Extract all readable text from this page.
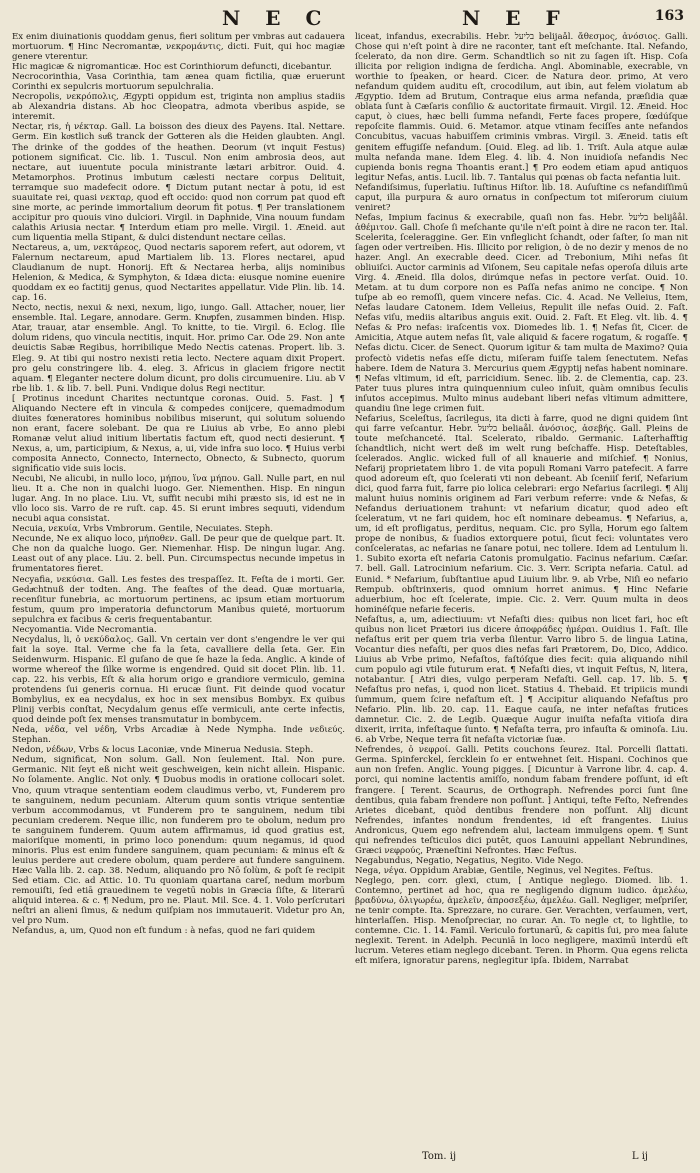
N E C	N E F	163

Ex enim diuinationis quoddam genus, fieri solitum per vmbras aut cadauera mortuorum. ¶ Hinc Necromantæ, νεκρομάντις, dicti. Fuit, qui hoc magiæ genere vterentur.

Hic magicæ & nigromanticæ. Hoc est Corinthiorum defuncti, dicebantur.

Necrocorinthia, Vasa Corinthia, tam ænea quam fictilia, quæ eruerunt Corinthi ex sepulcris mortuorum sepulchralia.

Necropolis, νεκρόπολις, Ægypti oppidum est, triginta non amplius stadiis ab Alexandria distans. Ab hoc Cleopatra, admota vberibus aspide, se interemit.

Nectar, ris, ἡ νέκταρ. Gall. La boisson des dieux des Payens. Ital. Nettare. Germ. Ein koͤstlich suͤß tranck der Goͤtteren als die Heiden glaubten. Angl. The drinke of the goddes of the heathen. Deorum (vt inquit Festus) potionem significat. Cic. lib. 1. Tuscul. Non enim ambrosia deos, aut nectare, aut iuuentute pocula ministrante lætari arbitror. Ouid. 4. Metamorphos. Protinus imbutum cælesti nectare corpus Delituit, terramque suo madefecit odore. ¶ Dictum putant nectar à potu, id est suauitate rei, quasi νεκταρ, quod eft occido: quod non corrum pat quod eft sine morte, ac perinde immortalium deorum fit potus. ¶ Per translationem accipitur pro quouis vino dulciori. Virgil. in Daphnide, Vina nouum fundam calathis Ariusia nectar. ¶ Interdum etiam pro melle. Virgil. 1. Æneid. aut cum liquentia mella Stipant, & dulci distendunt nectare cellas.

Nectareus, a, um, νεκτάρεος, Quod nectaris saporem refert, aut odorem, vt Falernum nectareum, apud Martialem lib. 13. Flores nectarei, apud Claudianum de nupt. Honorij. Eft & Nectarea herba, alijs nominibus Helenion, & Medica, & Symphyton, & Idæa dicta: eiusque nomine euenire quoddam ex eo factitij genus, quod Nectarites appellatur. Vide Plin. lib. 14. cap. 16.

Necto, nectis, nexui & nexi, nexum, ligo, iungo. Gall. Attacher, nouer, lier ensemble. Ital. Legare, annodare. Germ. Knuͤpfen, zusammen binden. Hisp. Atar, trauar, atar ensemble. Angl. To knitte, to tie. Virgil. 6. Eclog. Ille dolum ridens, quo vincula nectitis, inquit. Hor. primo Car. Ode 29. Non ante deuictis Sabæ Regibus, horribilique Medo Nectis catenas. Propert. lib. 3. Eleg. 9. At tibi qui nostro nexisti retia lecto. Nectere aquam dixit Propert. pro gelu constringere lib. 4. eleg. 3. Africus in glaciem frigore nectit aquam. ¶ Eleganter nectere dolum dicunt, pro dolis circumuenire. Liu. ab V rbe lib. 1. & lib. 7. bell. Puni. Vndique dolus Regi nectitur.

[ Protinus incedunt Charites nectuntque coronas. Ouid. 5. Fast. ] ¶ Aliquando Nectere eft in vincula & compedes conijcere, quemadmodum diuites fœneratores hominibus nobilibus miserunt, qui solutum soluendo non erant, facere solebant. De qua re Liuius ab vrbe, Eo anno plebi Romanæ velut aliud initium libertatis factum eft, quod necti desierunt. ¶ Nexus, a, um, participium, & Nexus, a, ui, vide infra suo loco. ¶ Huius verbi composita Annecto, Connecto, Internecto, Obnecto, & Subnecto, quorum significatio vide suis locis.

Necubi, Ne alicubi, in nullo loco, μήπου, ἵνα μήπου. Gall. Nulle part, en nul lieu. It a. Che non in qualchi luogo. Ger. Niementhen. Hisp. En ningun lugar. Ang. In no place. Liu. Vt, suffit necubi mihi præsto sis, id est ne in vllo loco sis. Varro de re ruſt. cap. 45. Si erunt imbres sequuti, videndum necubi aqua consistat.

Necuia, νεκυία, Vrbs Vmbrorum. Gentile, Necuiates. Steph.

Necunde, Ne ex aliquo loco, μήποθεν. Gall. De peur que de quelque part. It. Che non da qualche luogo. Ger. Niemenhar. Hisp. De ningun lugar. Ang. Least out of any place. Liu. 2. bell. Pun. Circumspectus necunde impetus in frumentatores fieret.

Necyafia, νεκύσια. Gall. Les festes des trespaſſez. It. Feſta de i morti. Ger. Gedaͤchtnuß der todten. Ang. The feaſtes of the dead. Quæ mortuaria, recenſitur funebria, ac mortuorum pertinens, ac ipsum etiam mortuorum festum, quum pro imperatoria defunctorum Manibus quieté, mortuorum sepulchra ex facibus & ceris frequentabantur.

Necyomantia. Vide Necromantia.

Necydalus, li, ὁ νεκύδαλος. Gall. Vn certain ver dont s'engendre le ver qui fait la soye. Ital. Verme che fa la ſeta, cavalliere della ſeta. Ger. Ein Seidenwurm. Hispanic. El guſano de que ſe haze la ſeda. Anglic. A kinde of worme whereof the ſilke worme is engendred. Quid sit docet Plin. lib. 11. cap. 22. his verbis, Eſt & alia horum origo e grandiore vermiculo, gemina protendens ſui generis cornua. Hi erucæ ſiunt. Fit deinde quod vocatur Bombylius, ex ea necydalus, ex hoc in sex mensibus Bombyx. Ex quibus Plinij verbis conſtat, Necydalum genus eſſe vermiculi, ante certe infectis, quod deinde poſt ſex menses transmutatur in bombycem.

Neda, νέδα, vel νέδη, Vrbs Arcadiæ à Nede Nympha. Inde νεδιεύς. Stephan.

Nedon, νέδων, Vrbs & locus Laconiæ, vnde Minerua Nedusia. Steph.

Nedum, significat, Non solum. Gall. Non ſeulement. Ital. Non pure. Germanic. Nit ſeyt eß nicht weit geschweigen, kein nicht allein. Hispanic. No ſolamente. Anglic. Not only. ¶ Duobus modis in oratione collocari solet. Vno, quum vtraque sententiam eodem claudimus verbo, vt, Funderem pro te sanguinem, nedum pecuniam. Alterum quum sontis vtrique sententiæ verbum accommodamus, vt Funderem pro te sanguinem, nedum tibi pecuniam crederem. Neque illic, non funderem pro te obolum, nedum pro te sanguinem funderem. Quum autem affirmamus, id quod gratius est, maioriſque momenti, in primo loco ponendum: quum negamus, id quod minoris. Plus est enim fundere sanguinem, quam pecuniam: & minus eſt & leuius perdere aut credere obolum, quam perdere aut fundere sanguinem. Hæc Valla lib. 2. cap. 38. Nedum, aliquando pro Nō ſolùm, & poſt ſe recipit Sed etiam. Cic. ad Attic. 10. Tu quoniam quartana careſ, nedum morbum remouiſti, ſed etiā grauedinem te vegetū nobis in Græcia ſiſte, & literarū aliquid interea. & c. ¶ Nedum, pro ne. Plaut. Mil. Sce. 4. 1. Volo perſcrutari neſtri an alieni ſimus, & nedum quiſpiam nos immutauerit. Videtur pro An, vel pro Num.

Nefandus, a, um, Quod non eſt fundum : à nefas, quod ne fari quidem

liceat, infandus, execrabilis. Hebr. בליעל belijaål. ἄθεσμος, ἀνόσιος. Galli. Chose qui n'eſt point à dire ne raconter, tant eſt meſchante. Ital. Nefando, ſcelerato, da non dire. Germ. Schandtlich so nit zu ſagen iſt. Hisp. Coſa illicita por religion indigna de ſerdicha. Angl. Abominable, execrable, vn worthie to ſpeaken, or heard. Cicer. de Natura deor. primo, At vero nefandum quidem auditu eſt, crocodilum, aut ibin, aut felem violatum ab Ægyptio. Idem ad Brutum, Contraque eius arma nefanda, præſidia quæ oblata ſunt à Cæſaris conſilio & auctoritate firmauit. Virgil. 12. Æneid. Hoc caput, ò ciues, hæc belli ſumma nefandi, Ferte faces propere, ſœdúſque repoſcite flammis. Ouid. 6. Metamor. atque vtinam feciſſes ante nefandos Concubitus, vacuas habuiſſem criminis vmbras. Virgil. 3. Æneid. tatis eſt genitem effugiſſe nefandum. [Ouid. Eleg. ad lib. 1. Triſt. Aula atque aulæ multa nefanda mane. Idem Eleg. 4. lib. 4. Non inuidioſa nefandis Nec cupienda bonis regna Thoantis erant.] ¶ Pro eodem etiam apud antiquos legitur Nefas, antis. Lucil. lib. 7. Tantalus qui pœnas ob facta nefantia luit.

Nefandiſsimus, ſuperlatiu. Iuſtinus Hiſtor. lib. 18. Auſuſtine cs nefandiſſimū caput, illa purpura & auro ornatus in conſpectum tot miſerorum ciuium veniret?

Nefas, Impium facinus & execrabile, quaſi non fas. Hebr. בליעל belijåål. ἀθέμιτον. Gall. Choſe ſi meſchante qu'ile n'eſt point à dire ne racon ter. Ital. Scelerita, ſceleraggine. Ger. Ein vnfleglicht ſchandt, oder ſaſter, ſo man nit ſagen oder vertreiben. His. Illicito por religion, ò de no dezir y menos de no hazer. Angl. An execrable deed. Cicer. ad Trebonium, Mihi nefas ſit obliuiſci. Auctor carminis ad Viſonem, Seu capitale nefas operoſa diluis arte Virg. 4. Æneid. Illa dolos, dirúmque nefas in pectore verſat. Ouid. 10. Metam. at tu dum corpore non es Paſſa nefas animo ne concipe. ¶ Non tuſpe ab eo remoſſi, quem vincere nefas. Cic. 4. Acad. Ne Velleius, Item, Nefas laudare Catonem. Idem Velleius, Repulit ille nefas Ouid. 2. Faſt. Nefas viſu, mediis altaribus anguis exit. Ouid. 2. Faſt. Et Eleg. vlt. lib. 4. ¶ Nefas & Pro nefas: iraſcentis vox. Diomedes lib. 1. ¶ Nefas ſit, Cicer. de Amicitia, Atque autem nefas ſit, vale aliquid & facere rogatum, & rogaſſe. ¶ Nefas dictu. Cicer. de Senect. Quorum igitur & tam multa de Maximo? Quia profectò videtis nefas eſſe dictu, miſeram fuiſſe talem ſenectutem. Nefas habere. Idem de Natura 3. Mercurius quem Ægyptij nefas habent nominare. ¶ Nefas vltimum, id eſt, parricidium. Senec. lib. 2. de Clementia, cap. 23. Pater tuus plures intra quinquennium culeo inſuit, quàm omnibus ſeculis inſutos accepimus. Multo minus audebant liberi nefas vltimum admittere, quandiu ſine lege crimen fuit.

Nefarius, Sceleſtus, ſacrilegus, ita dicti à farre, quod ne digni quidem ſint qui farre veſcantur. Hebr. בליעל beliaål. ἀνόσιος, ἀσεβής. Gall. Pleins de toute meſchanceté. Ital. Scelerato, ribaldo. Germanic. Laſterhafftig ſchandtlich, nicht wert deß im welt rung beſchaffe. Hisp. Deteſtables, ſcelerados. Anglic. wicked full of all knauerie and miſchief. ¶ Nonius, Nefarij proprietatem libro 1. de vita populi Romani Varro patefecit. A farre quod adoreum eſt, quo ſcelerati vti non debeant. Ab ſceniiſ feriſ, Nefarium dici, quod farra fuit, farre pio lolica celebrari: ergo Nefarius ſacrilegi. ¶ Alij malunt huius nominis originem ad Fari verbum referre: vnde & Nefas, & Nefandus deriuationem trahunt: vt nefarium dicatur, quod adeo eſt ſceleratum, vt ne fari quidem, hoc eſt nominare debeamus. ¶ Nefarius, a, um, id eſt profligatus, perditus, nequam. Cic. pro Sylla, Horum ego ſaltem prope de nonibus, & ſuadios extorquere potui, ſicut feci: voluntates vero conſceleratas, ac nefarias ne ſanare potui, nec tollere. Idem ad Lentulum li. 1. Subito exorta eſt nefaria Catonis promulgatio. Facinus nefarium. Cæſar. 7. bell. Gall. Latrocinium nefarium. Cic. 3. Verr. Scripta nefaria. Catul. ad Eunid. * Nefarium, ſubſtantiue apud Liuium libr. 9. ab Vrbe, Niſi eo nefario Rempub. obſtrinxeris, quod omnium horret animus. ¶ Hinc Nefarie aduerbium, hoc eſt ſcelerate, impie. Cic. 2. Verr. Quum multa in deos hominéſque nefarie feceris.

Nefaſtus, a, um, adiectiuum: vt Nefaſti dies: quibus non licet fari, hoc eſt quibus non licet Prætori ius dicere ἀποφράδες ἡμέραι. Ouidius 1. Faſt. Ille nefaſtus erit per quem tria verba ſilentur. Varro libro 5. de lingua Latina, Vocantur dies nefaſti, per quos dies nefas fari Prætorem, Do, Dico, Addico. Liuius ab Vrbe primo, Nefaſtos, faſtóſque dies fecit: quia aliquando nihil cum populo agi vtile futurum erat. ¶ Nefaſti dies, vt inquit Feſtus, N, litera, notabantur. [ Atri dies, vulgo perperam Nefaſti. Gell. cap. 17. lib. 5. ¶ Nefaſtus pro nefas, i, quod non licet. Statius 4. Thebaid. Et tripiicis mundi ſummum, quem ſcire nefaſtum eſt. ] ¶ Accipitur aliquando Nefaſtus pro Nefario. Plin. lib. 20. cap. 11. Eaque cauſa, ne inter nefaſtas frutices damnetur. Cic. 2. de Legib. Quæque Augur inuiſta nefaſta vitioſa dira dixerit, irrita, infeſtaque ſunto. ¶ Nefaſta terra, pro infauſta & ominoſa. Liu. 6. ab Vrbe, Neque terra ſit nefaſta victoriæ ſuæ.

Nefrendes, ὁ νεφροί. Galli. Petits couchons ſeurez. Ital. Porcelli ſlattati. Germa. Spinferckel, ſercklein ſo er entwehnet ſeit. Hispani. Cochinos que aun non ſrefen. Anglic. Young pigges. [ Dicuntur à Varrone libr. 4. cap. 4. porci, qui nomine lactentis amiſſo, nondum fabam frendere poſſunt, id eſt frangere. [ Terent. Scaurus, de Orthograph. Nefrendes porci ſunt ſine dentibus, quia fabam frendere non poſſunt. ] Antiqui, teſte Feſto, Nefrendes Arietes dicebant, quòd dentibus frendere non poſſunt. Alij dicunt Nefrendes, infantes nondum frendentes, id eſt frangentes. Liuius Andronicus, Quem ego nefrendem alui, lacteam immulgens opem. ¶ Sunt qui nefrendes teſticulos dici putēt, quos Lanuuini appellant Nebrundines, Græci νεφρούς, Præneſtini Nefrontes. Hæc Feſtus.

Negabundus, Negatio, Negatius, Negito. Vide Nego.

Nega, νέγα. Oppidum Arabiæ, Gentile, Neginus, vel Negites. Feſtus.

Neglego, pen. corr. glexi, ctum, [ Antique neglego. Diomed. lib. 1. Contemno, pertinet ad hoc, qua re negligendo dignum iudico. ἀμελέω, βραδύνω, ὀλιγωρέω, ἀμελεῖν, ἀπροσεξέω, ἀμελέω. Gall. Negliger, meſpriſer, ne tenir compte. Ita. Sprezzare, no curare. Ger. Verachten, verſaumen, vert, hinterlaſſen. Hisp. Menoſpreciar, no curar. An. To negle ct, to lightlie, to contemne. Cic. 1. 14. Famil. Vericulo fortunarū, & capitis ſui, pro mea ſalute neglexit. Terent. in Adelph. Pecuniā in loco negligere, maximū interdū eſt lucrum. Veteres etiam neglego dicebant. Teren. in Phorm. Qua egens relicta eſt miſera, ignoratur parens, neglegitur ipſa. Ibidem, Narrabat

Tom. ij	L ij
